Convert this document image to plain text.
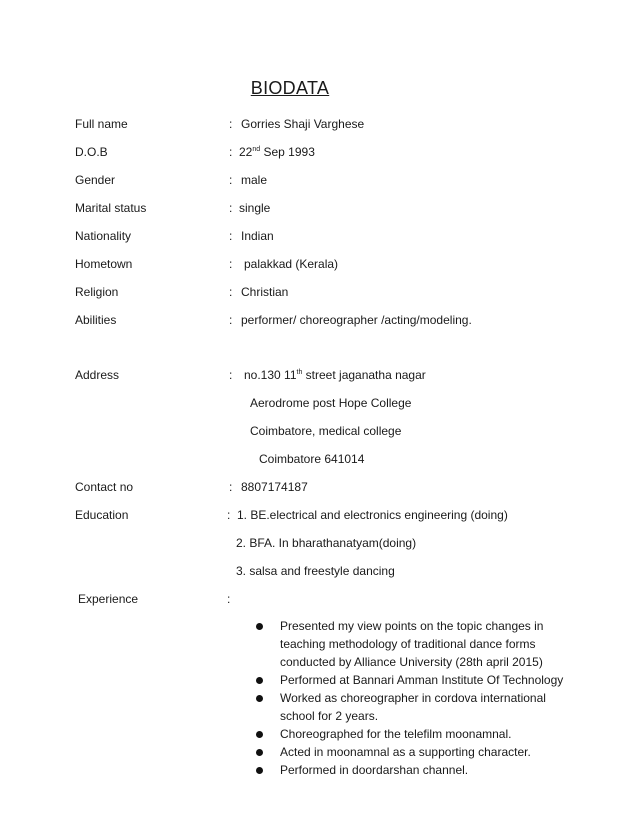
BIODATA
Full name	: Gorries Shaji Varghese
D.O.B	: 22nd Sep 1993
Gender	: male
Marital status	: single
Nationality	: Indian
Hometown	: palakkad (Kerala)
Religion	: Christian
Abilities	: performer/ choreographer /acting/modeling.
Address	: no.130 11th street jaganatha nagar
Aerodrome post Hope College
Coimbatore, medical college
Coimbatore 641014
Contact no	: 8807174187
Education	: 1. BE.electrical and electronics engineering (doing)
2. BFA. In bharathanatyam(doing)
3. salsa and freestyle dancing
Experience	:
Presented my view points on the topic changes in teaching methodology of traditional dance forms conducted by Alliance University (28th april 2015)
Performed at Bannari Amman Institute Of Technology
Worked as choreographer in cordova international school for 2 years.
Choreographed for the telefilm moonamnal.
Acted in moonamnal as a supporting character.
Performed in doordarshan channel.
